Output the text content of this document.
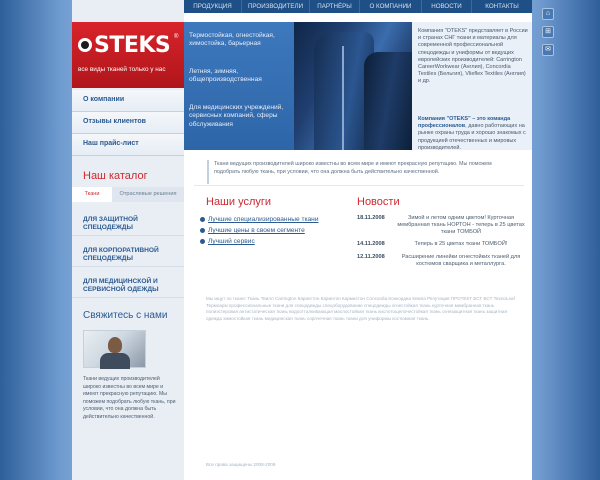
STEKS ®
все виды тканей только у нас
О компании
Отзывы клиентов
Наш прайс-лист
Наш каталог
Ткани	Отраслевые решения
ДЛЯ ЗАЩИТНОЙ СПЕЦОДЕЖДЫ
ДЛЯ КОРПОРАТИВНОЙ СПЕЦОДЕЖДЫ
ДЛЯ МЕДИЦИНСКОЙ И СЕРВИСНОЙ ОДЕЖДЫ
Свяжитесь с нами
Ткани ведущих производителей широко известны во всем мире и имеют прекрасную репутацию. Мы поможем подобрать любую ткань, при условии, что она должна быть действительно качественной.
ПРОДУКЦИЯ	ПРОИЗВОДИТЕЛИ	ПАРТНЁРЫ	О КОМПАНИИ	НОВОСТИ	КОНТАКТЫ
Термостойкая, огнестойкая, химостойка, барьерная
Летняя, зимняя, общепроизводственная
Для медицинских учреждений, сервисных компаний, сферы обслуживания
Компания "OTEKS" представляет в России и странах СНГ ткани и материалы для современной профессиональной спецодежды и униформы от ведущих европейских производителей: Carrington CareerWorkwear (Англия), Concordia Textiles (Бельгия), Vlieflex Textiles (Англия) и др.
Компания "OTEKS" – это команда профессионалов, давно работающих на рынке охраны труда и хорошо знакомых с продукцией отечественных и мировых производителей.
Ткани ведущих производителей широко известны во всем мире и имеют прекрасную репутацию. Мы поможем подобрать любую ткань, при условии, что она должна быть действительно качественной.
Наши услуги
Лучшие специализированные ткани
Лучшие цены в своем сегменте
Лучший сервис
Новости
18.11.2008	Зимой и летом одним цветом! Курточная мембранная ткань НОРТОН - теперь в 25 цветах ткани ТОМБОЙ
14.11.2008	Теперь в 25 цветах ткани ТОМБОЙ!
12.11.2008	Расширение линейки огнестойких тканей для костюмов сварщика и металлурга.
Мы ищут по ткани: Ткань Твилл Carrington Карингтон Каринтон Кармистон Concordia Конкордиа Кемпа Репутация ПРОТЕКТ БСТ БСТ TexnoLeaf Термоарм профессиональные ткани для спецодежды спецоборудование спецодежды огнестойкая ткань курточная мембранная ткань полиэстеровая антистатическая ткань водоотталкивающая маслостойкая ткань кислотощелочестойкая ткань огнезащитная ткань защитная одежда химостойкая ткань медицинская ткань сорочечная ткань ткани для униформы костюмная ткань.
Все права защищены 2008-2009
⌂
⊞
✉
